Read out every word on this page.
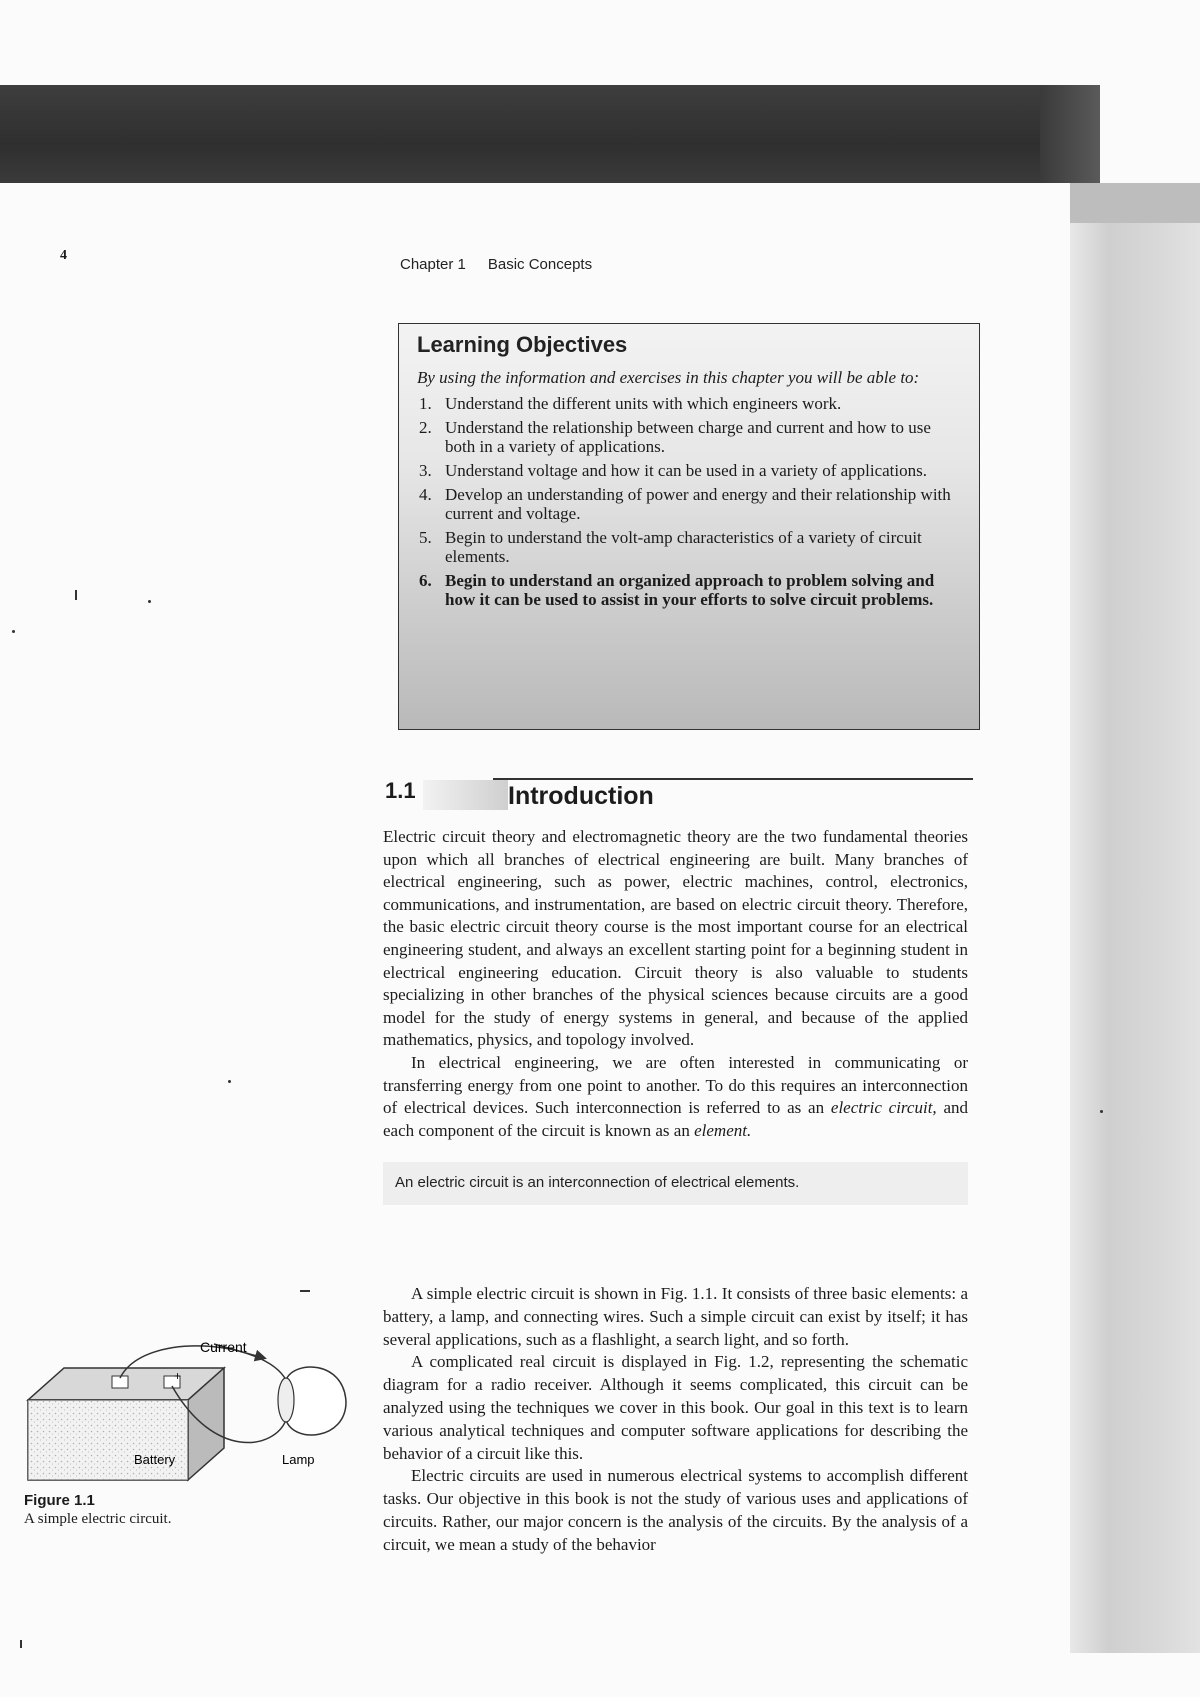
4
Chapter 1 Basic Concepts
Learning Objectives

By using the information and exercises in this chapter you will be able to:

1. Understand the different units with which engineers work.
2. Understand the relationship between charge and current and how to use both in a variety of applications.
3. Understand voltage and how it can be used in a variety of applications.
4. Develop an understanding of power and energy and their relationship with current and voltage.
5. Begin to understand the volt-amp characteristics of a variety of circuit elements.
6. Begin to understand an organized approach to problem solving and how it can be used to assist in your efforts to solve circuit problems.
1.1	Introduction

Electric circuit theory and electromagnetic theory are the two fundamental theories upon which all branches of electrical engineering are built. Many branches of electrical engineering, such as power, electric machines, control, electronics, communications, and instrumentation, are based on electric circuit theory. Therefore, the basic electric circuit theory course is the most important course for an electrical engineering student, and always an excellent starting point for a beginning student in electrical engineering education. Circuit theory is also valuable to students specializing in other branches of the physical sciences because circuits are a good model for the study of energy systems in general, and because of the applied mathematics, physics, and topology involved.

In electrical engineering, we are often interested in communicating or transferring energy from one point to another. To do this requires an interconnection of electrical devices. Such interconnection is referred to as an electric circuit, and each component of the circuit is known as an element.

An electric circuit is an interconnection of electrical elements.

A simple electric circuit is shown in Fig. 1.1. It consists of three basic elements: a battery, a lamp, and connecting wires. Such a simple circuit can exist by itself; it has several applications, such as a flashlight, a search light, and so forth.

A complicated real circuit is displayed in Fig. 1.2, representing the schematic diagram for a radio receiver. Although it seems complicated, this circuit can be analyzed using the techniques we cover in this book. Our goal in this text is to learn various analytical techniques and computer software applications for describing the behavior of a circuit like this.

Electric circuits are used in numerous electrical systems to accomplish different tasks. Our objective in this book is not the study of various uses and applications of circuits. Rather, our major concern is the analysis of the circuits. By the analysis of a circuit, we mean a study of the behavior

+
Current
Battery	Lamp
Figure 1.1
A simple electric circuit.
